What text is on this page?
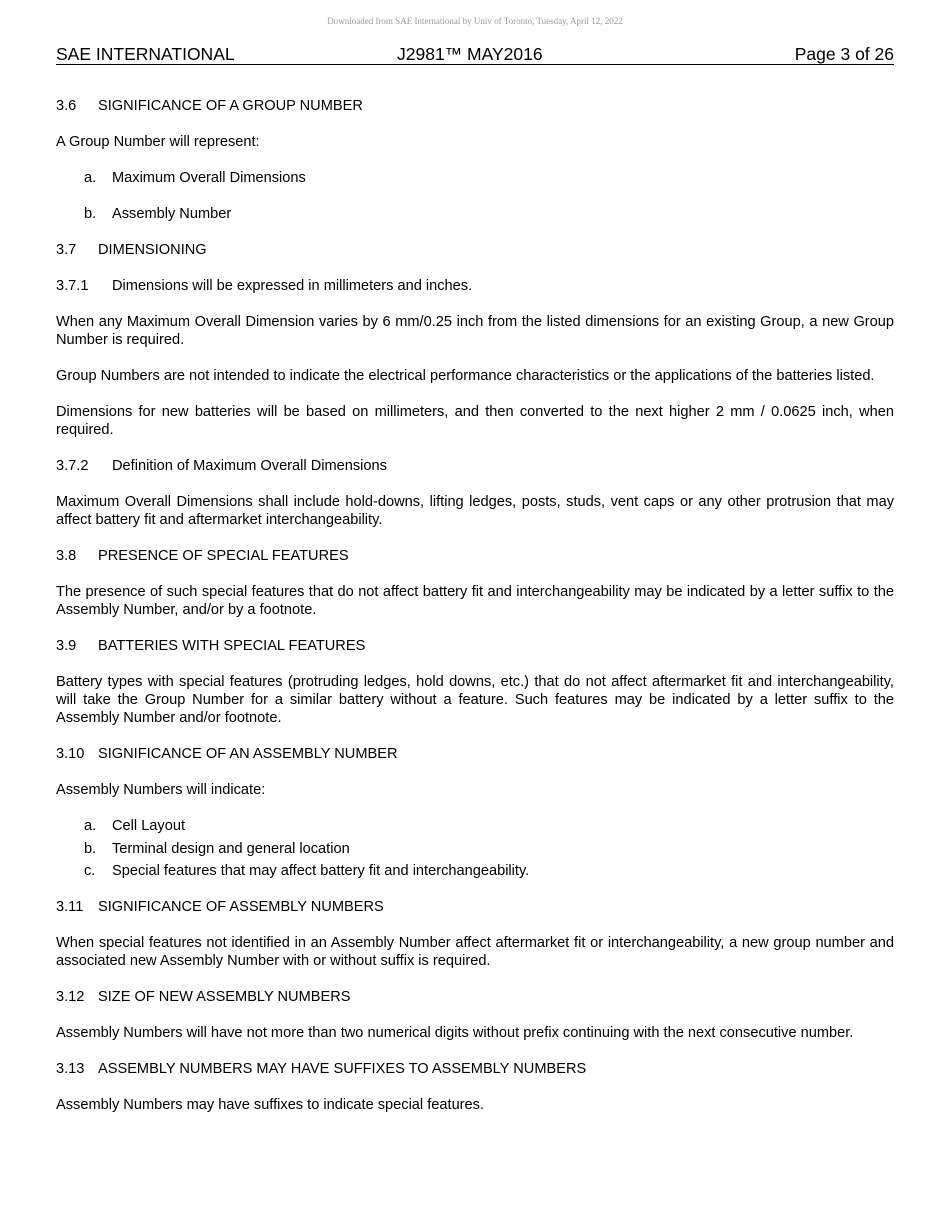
Downloaded from SAE International by Univ of Toronto, Tuesday, April 12, 2022
SAE INTERNATIONAL	J2981™ MAY2016	Page 3 of 26
3.6 SIGNIFICANCE OF A GROUP NUMBER

A Group Number will represent:

a. Maximum Overall Dimensions
b. Assembly Number
3.7 DIMENSIONING
3.7.1 Dimensions will be expressed in millimeters and inches.

When any Maximum Overall Dimension varies by 6 mm/0.25 inch from the listed dimensions for an existing Group, a new Group Number is required.

Group Numbers are not intended to indicate the electrical performance characteristics or the applications of the batteries listed.

Dimensions for new batteries will be based on millimeters, and then converted to the next higher 2 mm / 0.0625 inch, when required.

3.7.2 Definition of Maximum Overall Dimensions

Maximum Overall Dimensions shall include hold-downs, lifting ledges, posts, studs, vent caps or any other protrusion that may affect battery fit and aftermarket interchangeability.

3.8 PRESENCE OF SPECIAL FEATURES

The presence of such special features that do not affect battery fit and interchangeability may be indicated by a letter suffix to the Assembly Number, and/or by a footnote.

3.9 BATTERIES WITH SPECIAL FEATURES

Battery types with special features (protruding ledges, hold downs, etc.) that do not affect aftermarket fit and interchangeability, will take the Group Number for a similar battery without a feature. Such features may be indicated by a letter suffix to the Assembly Number and/or footnote.

3.10 SIGNIFICANCE OF AN ASSEMBLY NUMBER

Assembly Numbers will indicate:

a. Cell Layout
b. Terminal design and general location
c. Special features that may affect battery fit and interchangeability.
3.11 SIGNIFICANCE OF ASSEMBLY NUMBERS

When special features not identified in an Assembly Number affect aftermarket fit or interchangeability, a new group number and associated new Assembly Number with or without suffix is required.

3.12 SIZE OF NEW ASSEMBLY NUMBERS

Assembly Numbers will have not more than two numerical digits without prefix continuing with the next consecutive number.

3.13 ASSEMBLY NUMBERS MAY HAVE SUFFIXES TO ASSEMBLY NUMBERS

Assembly Numbers may have suffixes to indicate special features.
